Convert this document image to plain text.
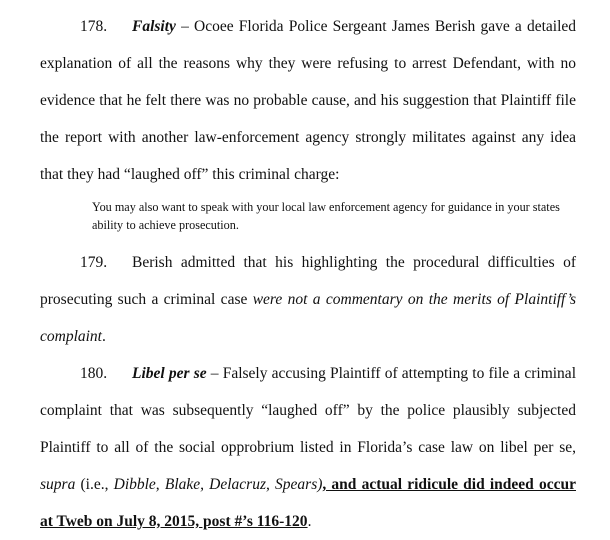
178. Falsity – Ocoee Florida Police Sergeant James Berish gave a detailed explanation of all the reasons why they were refusing to arrest Defendant, with no evidence that he felt there was no probable cause, and his suggestion that Plaintiff file the report with another law-enforcement agency strongly militates against any idea that they had “laughed off” this criminal charge:

You may also want to speak with your local law enforcement agency for guidance in your states ability to achieve prosecution.

179. Berish admitted that his highlighting the procedural difficulties of prosecuting such a criminal case were not a commentary on the merits of Plaintiff’s complaint.

180. Libel per se – Falsely accusing Plaintiff of attempting to file a criminal complaint that was subsequently “laughed off” by the police plausibly subjected Plaintiff to all of the social opprobrium listed in Florida’s case law on libel per se, supra (i.e., Dibble, Blake, Delacruz, Spears), and actual ridicule did indeed occur at Tweb on July 8, 2015, post #’s 116-120.
